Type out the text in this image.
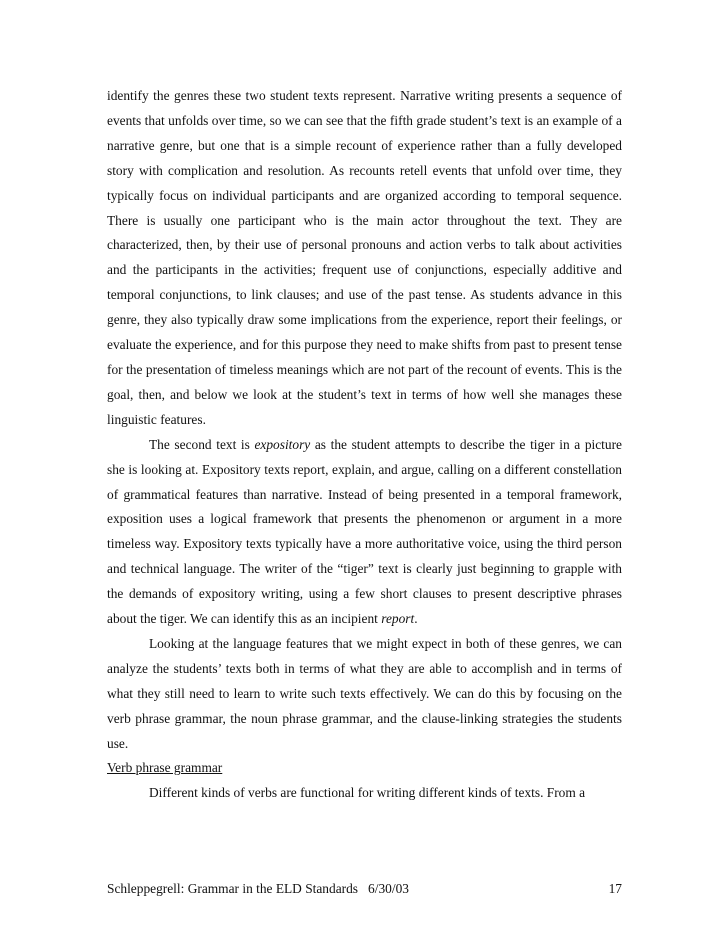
identify the genres these two student texts represent. Narrative writing presents a sequence of events that unfolds over time, so we can see that the fifth grade student’s text is an example of a narrative genre, but one that is a simple recount of experience rather than a fully developed story with complication and resolution. As recounts retell events that unfold over time, they typically focus on individual participants and are organized according to temporal sequence. There is usually one participant who is the main actor throughout the text. They are characterized, then, by their use of personal pronouns and action verbs to talk about activities and the participants in the activities; frequent use of conjunctions, especially additive and temporal conjunctions, to link clauses; and use of the past tense. As students advance in this genre, they also typically draw some implications from the experience, report their feelings, or evaluate the experience, and for this purpose they need to make shifts from past to present tense for the presentation of timeless meanings which are not part of the recount of events. This is the goal, then, and below we look at the student’s text in terms of how well she manages these linguistic features.

The second text is expository as the student attempts to describe the tiger in a picture she is looking at. Expository texts report, explain, and argue, calling on a different constellation of grammatical features than narrative. Instead of being presented in a temporal framework, exposition uses a logical framework that presents the phenomenon or argument in a more timeless way. Expository texts typically have a more authoritative voice, using the third person and technical language. The writer of the “tiger” text is clearly just beginning to grapple with the demands of expository writing, using a few short clauses to present descriptive phrases about the tiger. We can identify this as an incipient report.

Looking at the language features that we might expect in both of these genres, we can analyze the students’ texts both in terms of what they are able to accomplish and in terms of what they still need to learn to write such texts effectively. We can do this by focusing on the verb phrase grammar, the noun phrase grammar, and the clause-linking strategies the students use.

Verb phrase grammar

Different kinds of verbs are functional for writing different kinds of texts. From a

Schleppegrell: Grammar in the ELD Standards   6/30/03	17
